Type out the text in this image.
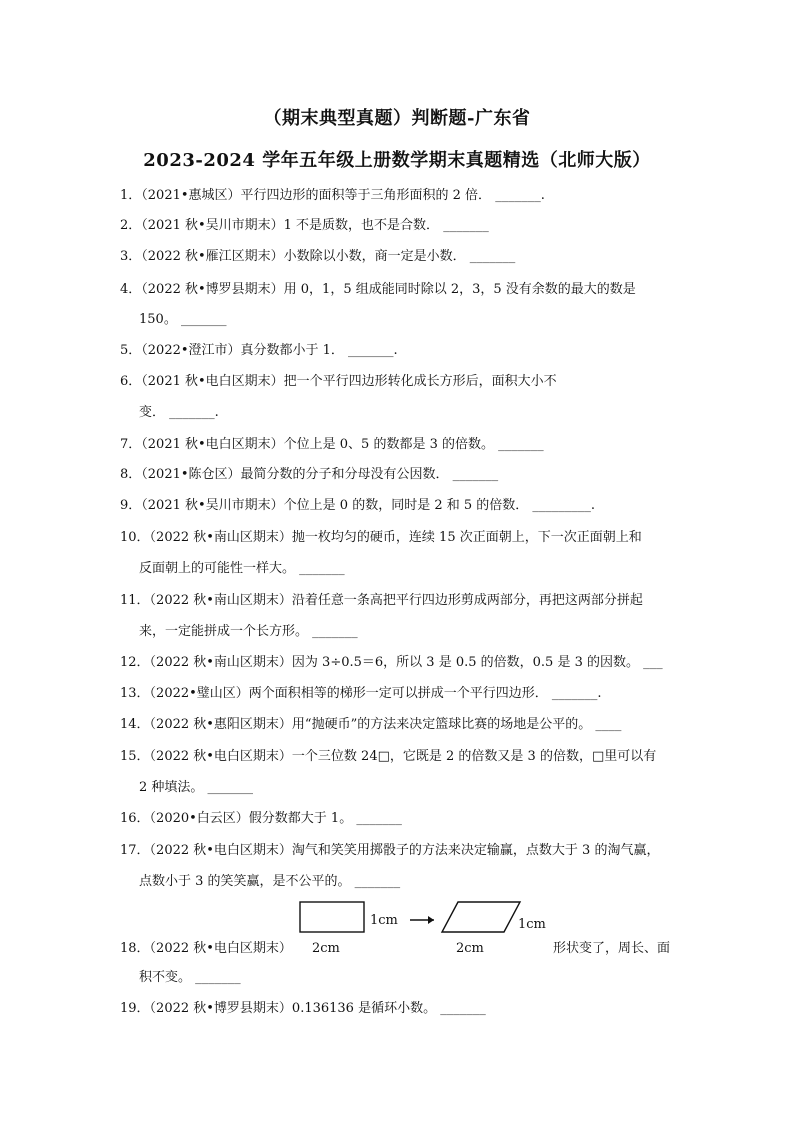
（期末典型真题）判断题-广东省
2023-2024 学年五年级上册数学期末真题精选（北师大版）
1．（2021•惠城区）平行四边形的面积等于三角形面积的 2 倍． _______.
2．（2021 秋•吴川市期末）1 不是质数，也不是合数． _______
3．（2022 秋•雁江区期末）小数除以小数，商一定是小数． _______
4．（2022 秋•博罗县期末）用 0，1，5 组成能同时除以 2，3，5 没有余数的最大的数是
150。 _______
5．（2022•澄江市）真分数都小于 1． _______.
6．（2021 秋•电白区期末）把一个平行四边形转化成长方形后，面积大小不
变． _______.
7．（2021 秋•电白区期末）个位上是 0、5 的数都是 3 的倍数。 _______
8．（2021•陈仓区）最简分数的分子和分母没有公因数． _______
9．（2021 秋•吴川市期末）个位上是 0 的数，同时是 2 和 5 的倍数． _________.
10．（2022 秋•南山区期末）抛一枚均匀的硬币，连续 15 次正面朝上，下一次正面朝上和
反面朝上的可能性一样大。 _______
11．（2022 秋•南山区期末）沿着任意一条高把平行四边形剪成两部分，再把这两部分拼起
来，一定能拼成一个长方形。 _______
12．（2022 秋•南山区期末）因为 3÷0.5＝6，所以 3 是 0.5 的倍数，0.5 是 3 的因数。 ___
13．（2022•璧山区）两个面积相等的梯形一定可以拼成一个平行四边形． _______.
14．（2022 秋•惠阳区期末）用“抛硬币”的方法来决定篮球比赛的场地是公平的。 ____
15．（2022 秋•电白区期末）一个三位数 24□，它既是 2 的倍数又是 3 的倍数，□里可以有
2 种填法。 _______
16．（2020•白云区）假分数都大于 1。 _______
17．（2022 秋•电白区期末）淘气和笑笑用掷骰子的方法来决定输赢，点数大于 3 的淘气赢，
点数小于 3 的笑笑赢，是不公平的。 _______
2cm
1cm
2cm
1cm
18．（2022 秋•电白区期末）	形状变了，周长、面
积不变。 _______
19．（2022 秋•博罗县期末）0.136136 是循环小数。 _______
